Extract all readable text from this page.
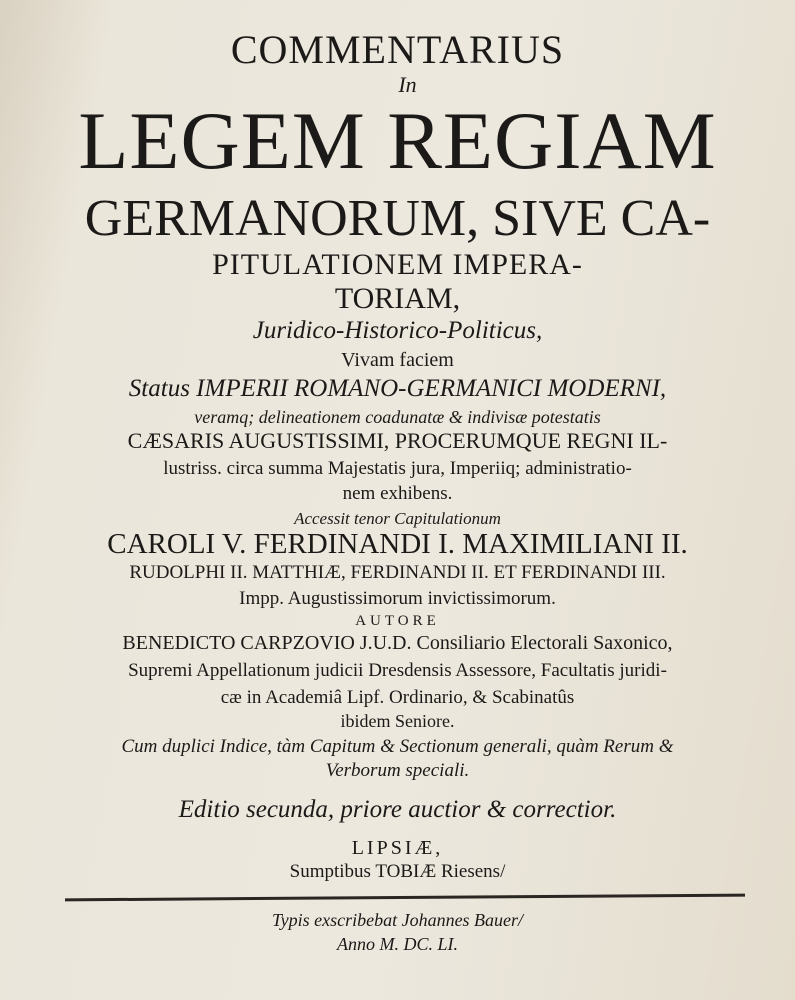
COMMENTARIUS
In
LEGEM REGIAM
GERMANORUM, SIVE CA-
PITULATIONEM IMPERA-
TORIAM,
Juridico-Historico-Politicus,
Vivam faciem
Status IMPERII ROMANO-GERMANICI MODERNI,
veramq; delineationem coadunatæ & indivisæ potestatis
CÆSARIS AUGUSTISSIMI, PROCERUMQUE REGNI IL-
lustriss. circa summa Majestatis jura, Imperiiq; administratio-
nem exhibens.
Accessit tenor Capitulationum
CAROLI V. FERDINANDI I. MAXIMILIANI II.
RUDOLPHI II. MATTHIÆ, FERDINANDI II. ET FERDINANDI III.
Impp. Augustissimorum invictissimorum.
AUTORE
BENEDICTO CARPZOVIO J.U.D. Consiliario Electorali Saxonico,
Supremi Appellationum judicii Dresdensis Assessore, Facultatis juridi-
cæ in Academiâ Lipf. Ordinario, & Scabinatûs
ibidem Seniore.
Cum duplici Indice, tàm Capitum & Sectionum generali, quàm Rerum &
Verborum speciali.
Editio secunda, priore auctior & correctior.
LIPSIÆ,
Sumptibus TOBIÆ Riesens/
Typis exscribebat Johannes Bauer/
Anno M. DC. LI.
